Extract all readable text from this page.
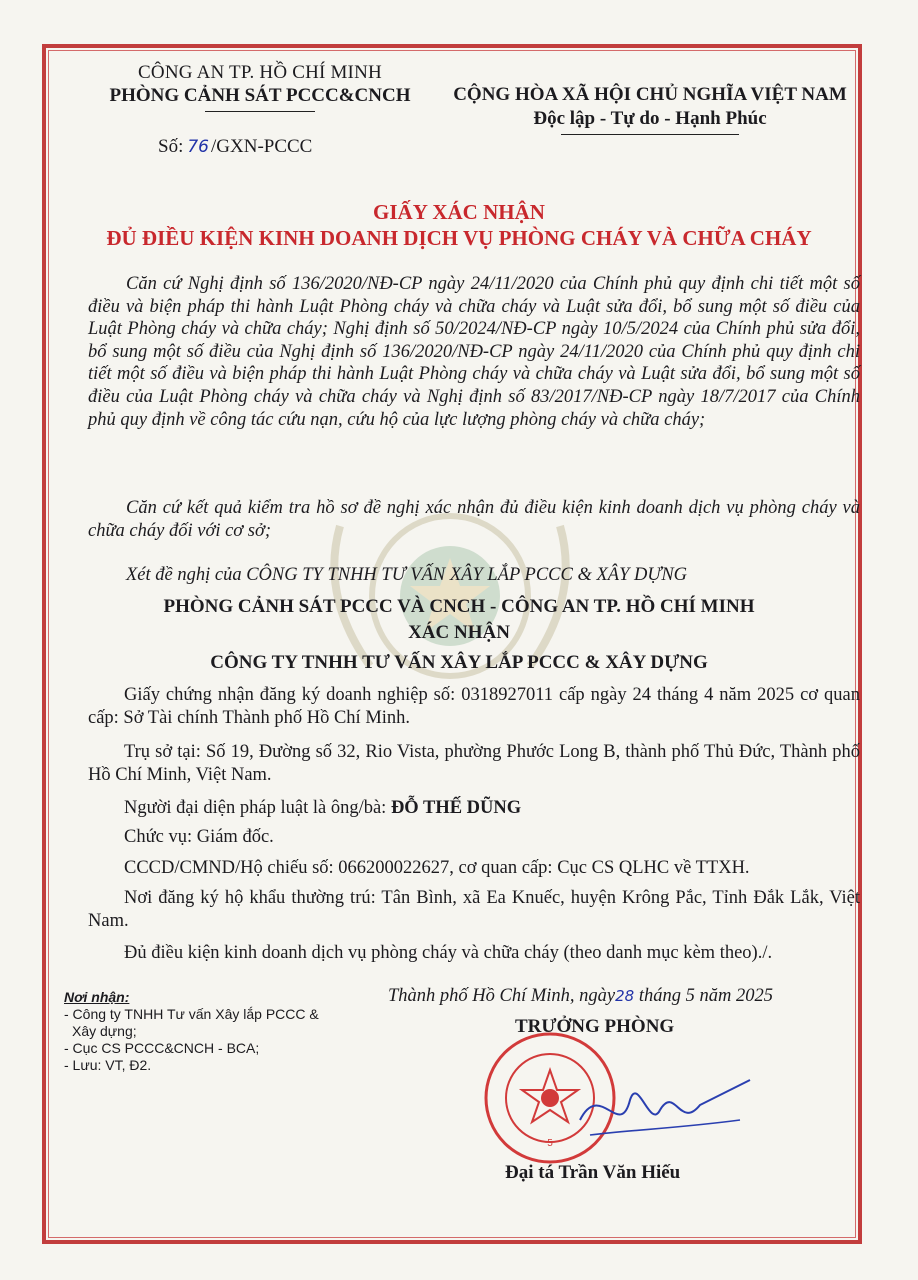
CÔNG AN TP. HỒ CHÍ MINH
PHÒNG CẢNH SÁT PCCC&CNCH	CỘNG HÒA XÃ HỘI CHỦ NGHĨA VIỆT NAM
Độc lập - Tự do - Hạnh Phúc
Số: 76 /GXN-PCCC
GIẤY XÁC NHẬN
ĐỦ ĐIỀU KIỆN KINH DOANH DỊCH VỤ PHÒNG CHÁY VÀ CHỮA CHÁY
Căn cứ Nghị định số 136/2020/NĐ-CP ngày 24/11/2020 của Chính phủ quy định chi tiết một số điều và biện pháp thi hành Luật Phòng cháy và chữa cháy và Luật sửa đổi, bổ sung một số điều của Luật Phòng cháy và chữa cháy; Nghị định số 50/2024/NĐ-CP ngày 10/5/2024 của Chính phủ sửa đổi, bổ sung một số điều của Nghị định số 136/2020/NĐ-CP ngày 24/11/2020 của Chính phủ quy định chi tiết một số điều và biện pháp thi hành Luật Phòng cháy và chữa cháy và Luật sửa đổi, bổ sung một số điều của Luật Phòng cháy và chữa cháy và Nghị định số 83/2017/NĐ-CP ngày 18/7/2017 của Chính phủ quy định về công tác cứu nạn, cứu hộ của lực lượng phòng cháy và chữa cháy;
Căn cứ kết quả kiểm tra hồ sơ đề nghị xác nhận đủ điều kiện kinh doanh dịch vụ phòng cháy và chữa cháy đối với cơ sở;
Xét đề nghị của CÔNG TY TNHH TƯ VẤN XÂY LẮP PCCC & XÂY DỰNG
PHÒNG CẢNH SÁT PCCC VÀ CNCH - CÔNG AN TP. HỒ CHÍ MINH
XÁC NHẬN
CÔNG TY TNHH TƯ VẤN XÂY LẮP PCCC & XÂY DỰNG
Giấy chứng nhận đăng ký doanh nghiệp số: 0318927011 cấp ngày 24 tháng 4 năm 2025 cơ quan cấp: Sở Tài chính Thành phố Hồ Chí Minh.
Trụ sở tại: Số 19, Đường số 32, Rio Vista, phường Phước Long B, thành phố Thủ Đức, Thành phố Hồ Chí Minh, Việt Nam.
Người đại diện pháp luật là ông/bà: ĐỖ THẾ DŨNG
Chức vụ: Giám đốc.
CCCD/CMND/Hộ chiếu số: 066200022627, cơ quan cấp: Cục CS QLHC về TTXH.
Nơi đăng ký hộ khẩu thường trú: Tân Bình, xã Ea Knuếc, huyện Krông Pắc, Tỉnh Đắk Lắk, Việt Nam.
Đủ điều kiện kinh doanh dịch vụ phòng cháy và chữa cháy (theo danh mục kèm theo)./.
Nơi nhận:
- Công ty TNHH Tư vấn Xây lắp PCCC &
Xây dựng;
- Cục CS PCCC&CNCH - BCA;
- Lưu: VT, Đ2.
Thành phố Hồ Chí Minh, ngày28 tháng 5 năm 2025
TRƯỞNG PHÒNG
5
Đại tá Trần Văn Hiếu
